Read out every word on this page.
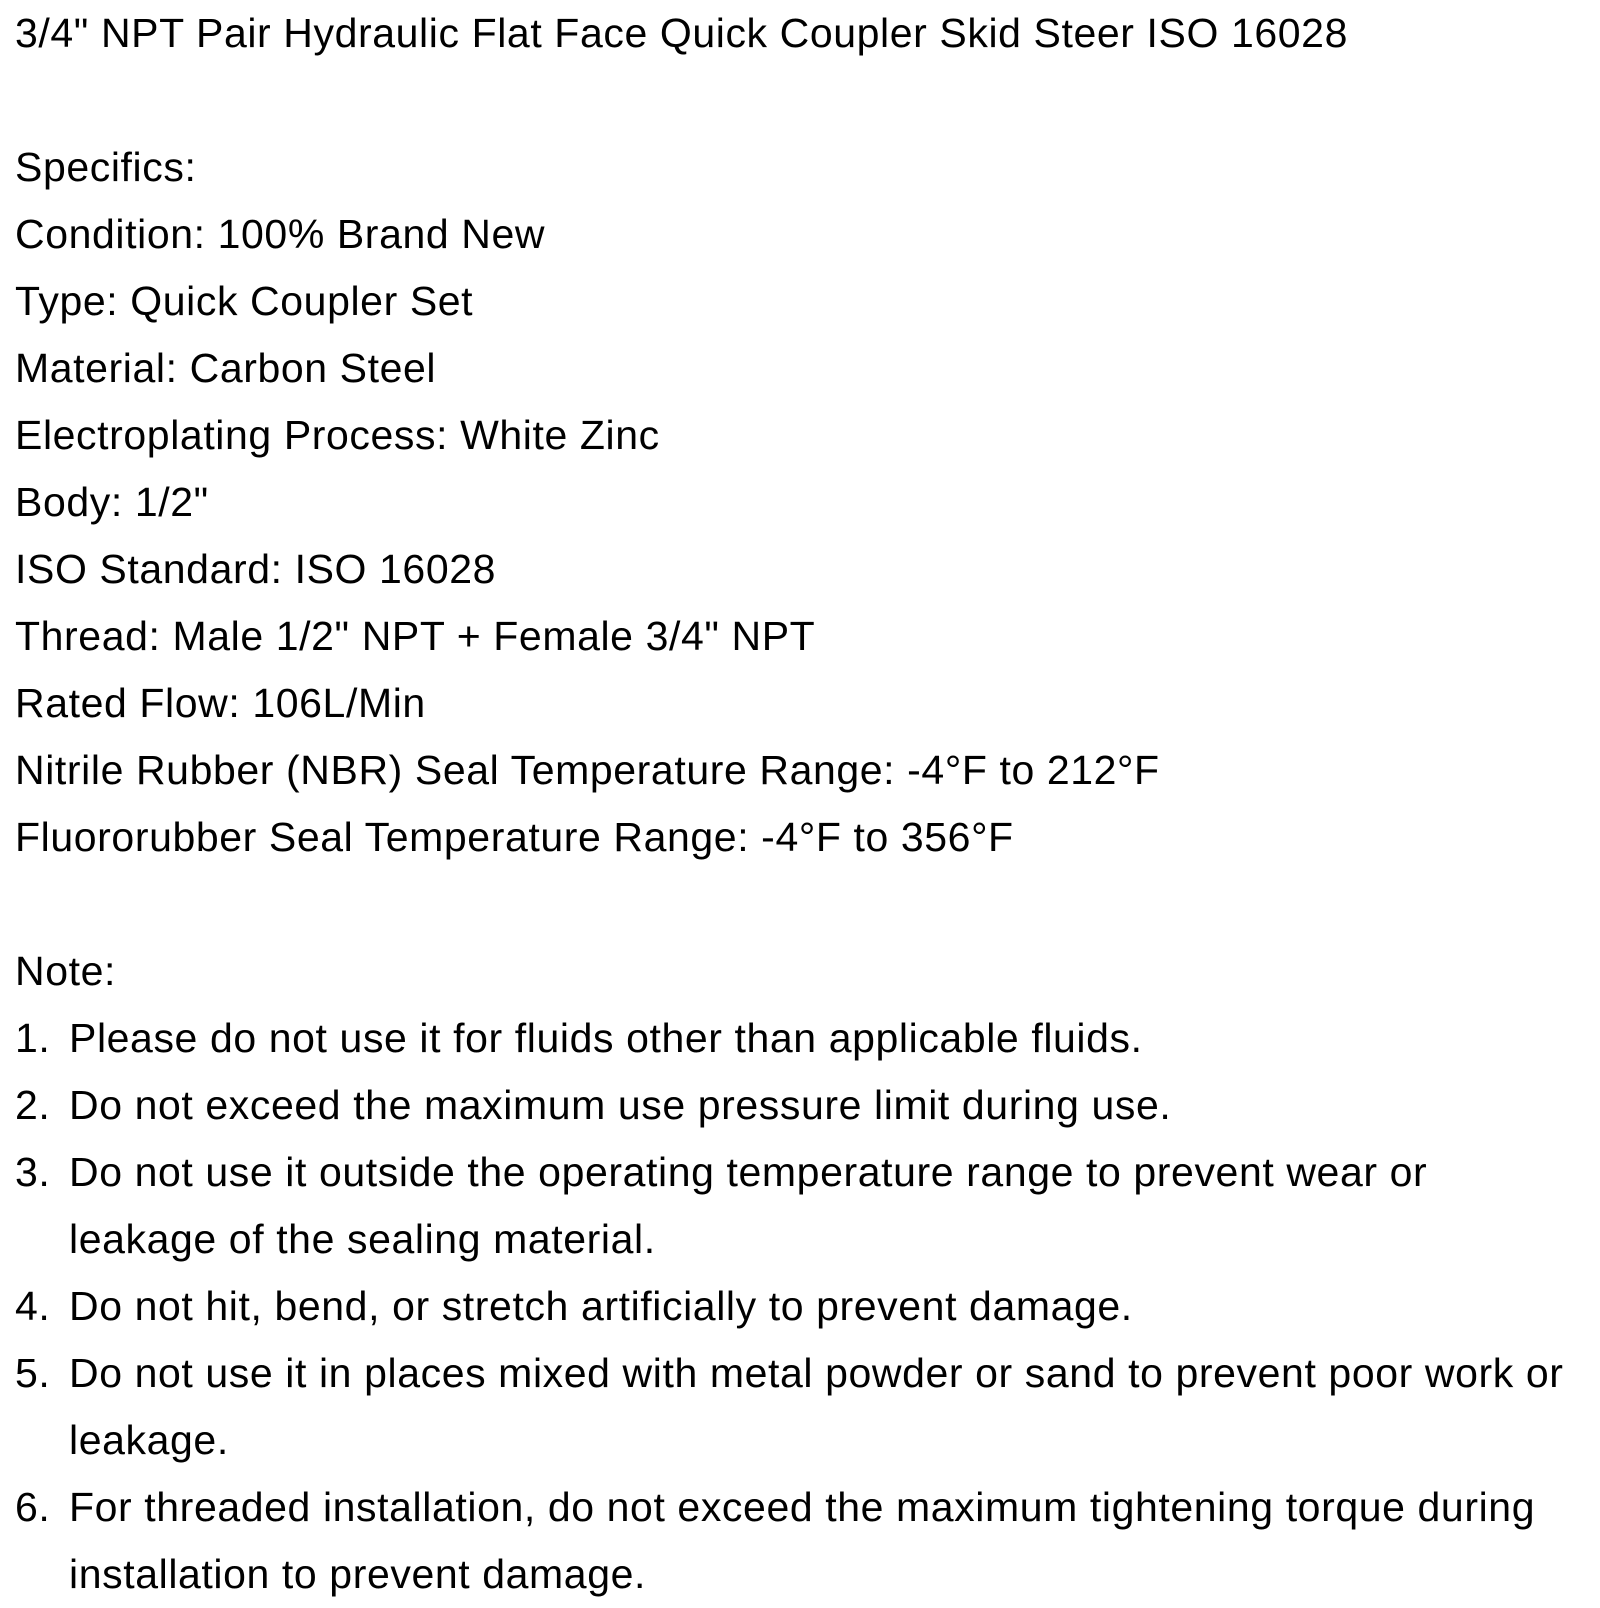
3/4" NPT Pair Hydraulic Flat Face Quick Coupler Skid Steer ISO 16028
Specifics:
Condition: 100% Brand New
Type: Quick Coupler Set
Material: Carbon Steel
Electroplating Process: White Zinc
Body: 1/2"
ISO Standard: ISO 16028
Thread: Male 1/2" NPT + Female 3/4" NPT
Rated Flow: 106L/Min
Nitrile Rubber (NBR) Seal Temperature Range: -4°F to 212°F
Fluororubber Seal Temperature Range: -4°F to 356°F
Note:
1. Please do not use it for fluids other than applicable fluids.
2. Do not exceed the maximum use pressure limit during use.
3. Do not use it outside the operating temperature range to prevent wear or leakage of the sealing material.
4. Do not hit, bend, or stretch artificially to prevent damage.
5. Do not use it in places mixed with metal powder or sand to prevent poor work or leakage.
6. For threaded installation, do not exceed the maximum tightening torque during installation to prevent damage.
